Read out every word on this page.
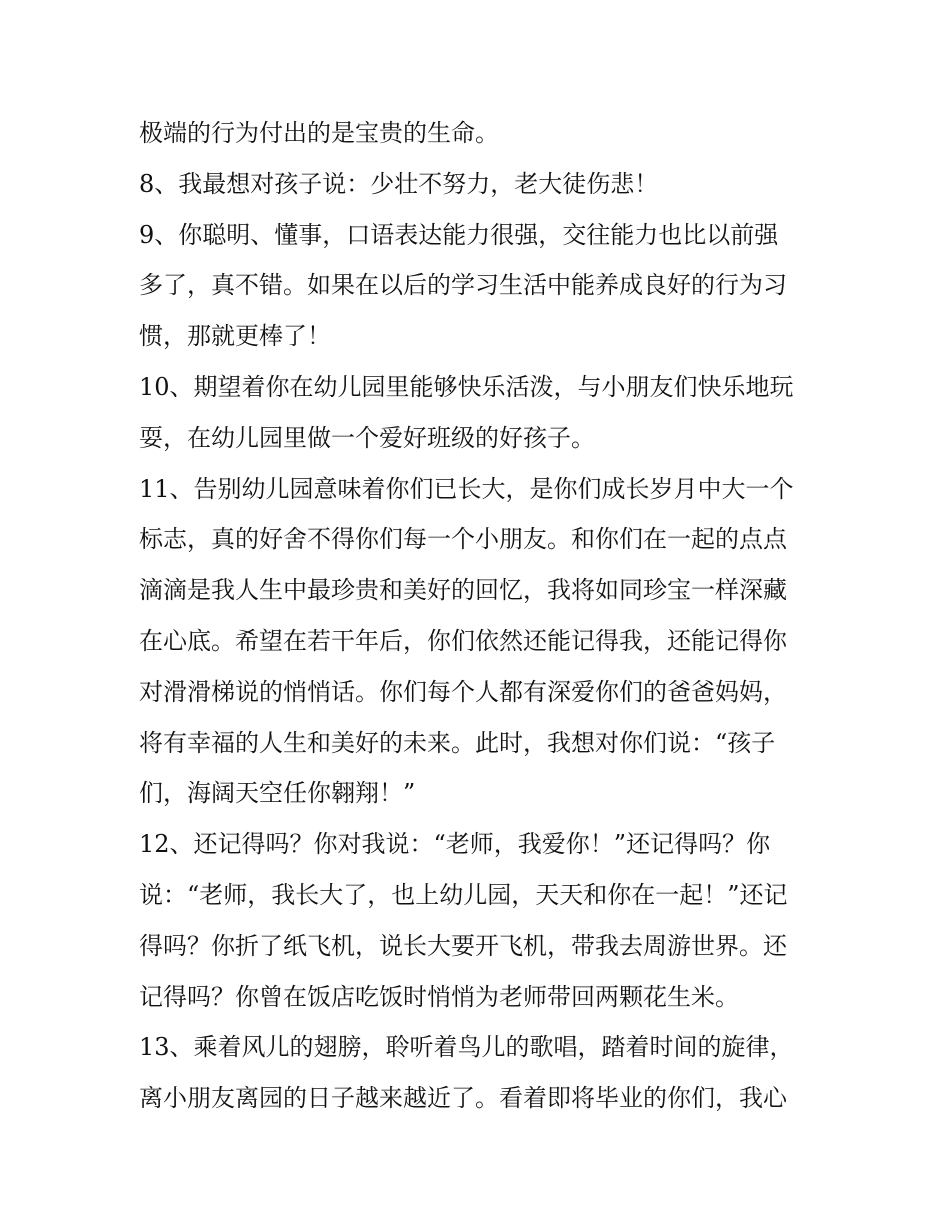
极端的行为付出的是宝贵的生命。
8、我最想对孩子说：少壮不努力，老大徒伤悲！
9、你聪明、懂事，口语表达能力很强，交往能力也比以前强
多了，真不错。如果在以后的学习生活中能养成良好的行为习
惯，那就更棒了！
10、期望着你在幼儿园里能够快乐活泼，与小朋友们快乐地玩
耍，在幼儿园里做一个爱好班级的好孩子。
11、告别幼儿园意味着你们已长大，是你们成长岁月中大一个
标志，真的好舍不得你们每一个小朋友。和你们在一起的点点
滴滴是我人生中最珍贵和美好的回忆，我将如同珍宝一样深藏
在心底。希望在若干年后，你们依然还能记得我，还能记得你
对滑滑梯说的悄悄话。你们每个人都有深爱你们的爸爸妈妈，
将有幸福的人生和美好的未来。此时，我想对你们说：“孩子
们，海阔天空任你翱翔！”
12、还记得吗？你对我说：“老师，我爱你！”还记得吗？你
说：“老师，我长大了，也上幼儿园，天天和你在一起！”还记
得吗？你折了纸飞机，说长大要开飞机，带我去周游世界。还
记得吗？你曾在饭店吃饭时悄悄为老师带回两颗花生米。
13、乘着风儿的翅膀，聆听着鸟儿的歌唱，踏着时间的旋律，
离小朋友离园的日子越来越近了。看着即将毕业的你们，我心
